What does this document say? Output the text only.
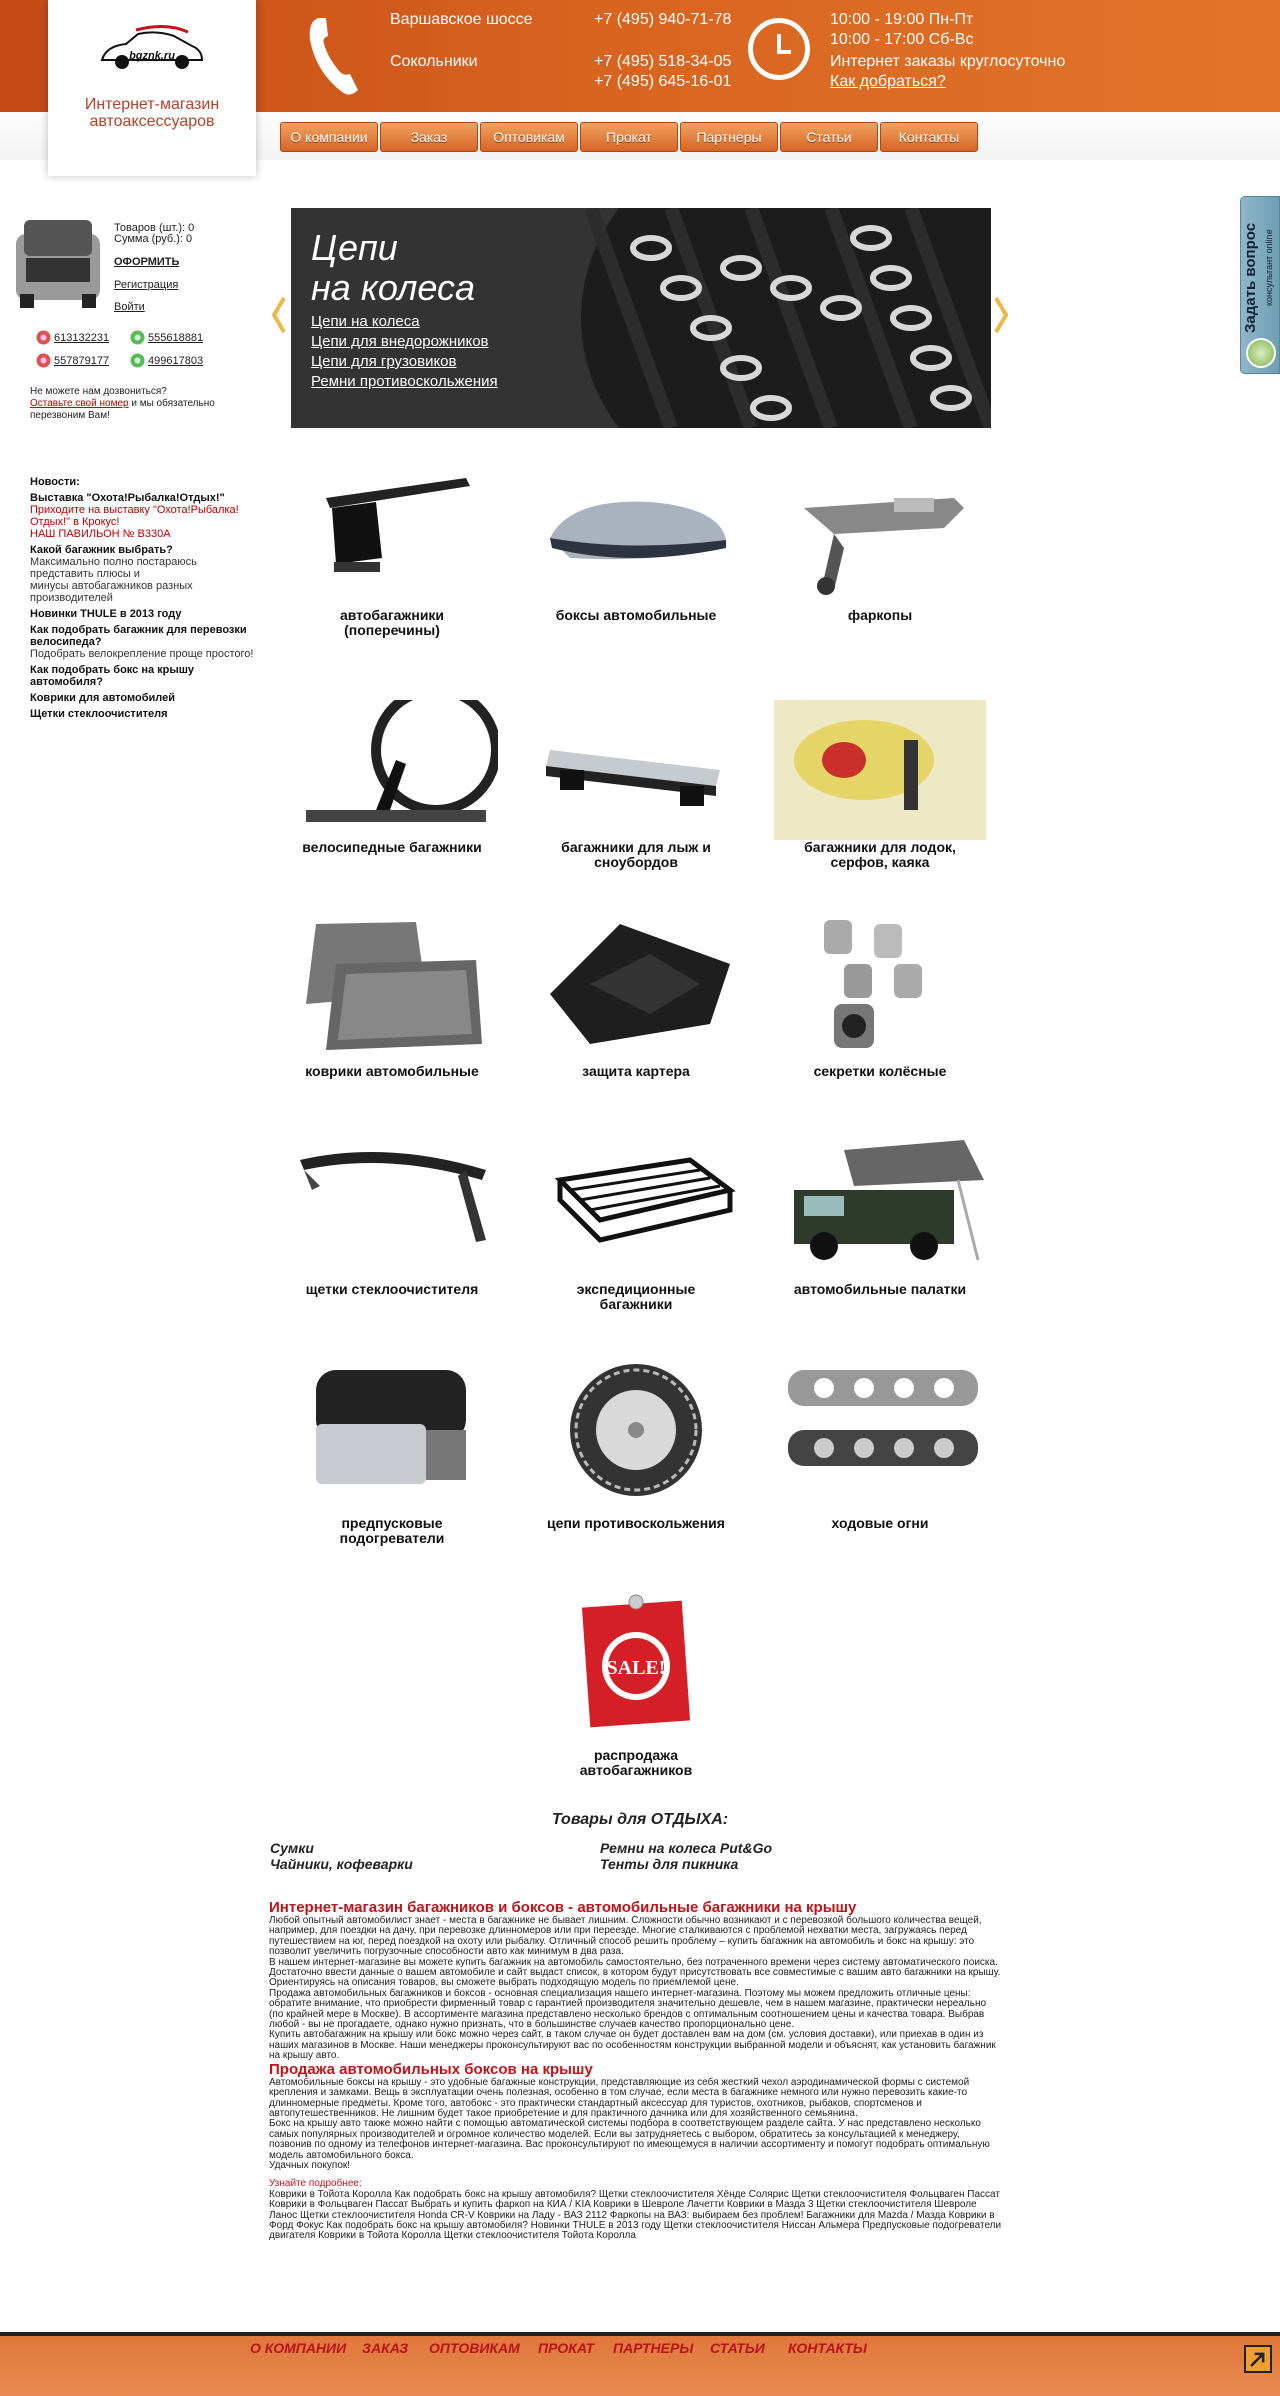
bgznk.ru
Интернет-магазин
автоаксессуаров
Варшавское шоссе
Сокольники
+7 (495) 940-71-78
+7 (495) 518-34-05
+7 (495) 645-16-01
10:00 - 19:00 Пн-Пт
10:00 - 17:00 Сб-Вс
Интернет заказы круглосуточно
Как добраться?
О компании	Заказ	Оптовикам	Прокат	Партнеры	Статьи	Контакты
Задать вопрос консультант online
Товаров (шт.): 0
Сумма (руб.): 0
ОФОРМИТЬ
Регистрация
Войти
613132231	555618881
557879177	499617803
Не можете нам дозвониться?
Оставьте свой номер и мы обязательно
перезвоним Вам!

Новости:

Выставка "Охота!Рыбалка!Отдых!"
Приходите на выставку "Охота!Рыбалка!
Отдых!" в Крокус!

НАШ ПАВИЛЬОН № B330А

Какой багажник выбрать?
Максимально полно постараюсь
представить плюсы и
минусы автобагажников разных

производителей

Новинки THULE в 2013 году

Как подобрать багажник для перевозки
велосипеда?

Подобрать велокрепление проще простого!

Как подобрать бокс на крышу

автомобиля?

Коврики для автомобилей

Щетки стеклоочистителя

Цепи
на колеса
Цепи на колеса
Цепи для внедорожников
Цепи для грузовиков
Ремни противоскольжения
автобагажники
(поперечины)
боксы автомобильные	фаркопы
велосипедные багажники	багажники для лыж и
сноубордов
багажники для лодок,
серфов, каяка
коврики автомобильные	защита картера	секретки колёсные
щетки стеклоочистителя	экспедиционные
багажники
автомобильные палатки
предпусковые
подогреватели
цепи противоскольжения	ходовые огни
SALE!
распродажа
автобагажников
Товары для ОТДЫХА:
Сумки
Чайники, кофеварки
Ремни на колеса Put&Go
Тенты для пикника
Интернет-магазин багажников и боксов - автомобильные багажники на крышу

Любой опытный автомобилист знает - места в багажнике не бывает лишним. Сложности обычно возникают и с перевозкой большого количества вещей, например, для поездки на дачу, при перевозке длинномеров или при переезде. Многие сталкиваются с проблемой нехватки места, загружаясь перед путешествием на юг, перед поездкой на охоту или рыбалку. Отличный способ решить проблему – купить багажник на автомобиль и бокс на крышу: это позволит увеличить погрузочные способности авто как минимум в два раза.

В нашем интернет-магазине вы можете купить багажник на автомобиль самостоятельно, без потраченного времени через систему автоматического поиска. Достаточно ввести данные о вашем автомобиле и сайт выдаст список, в котором будут присутствовать все совместимые с вашим авто багажники на крышу. Ориентируясь на описания товаров, вы сможете выбрать подходящую модель по приемлемой цене.

Продажа автомобильных багажников и боксов - основная специализация нашего интернет-магазина. Поэтому мы можем предложить отличные цены: обратите внимание, что приобрести фирменный товар с гарантией производителя значительно дешевле, чем в нашем магазине, практически нереально (по крайней мере в Москве). В ассортименте магазина представлено несколько брендов с оптимальным соотношением цены и качества товара. Выбрав любой - вы не прогадаете, однако нужно признать, что в большинстве случаев качество пропорционально цене.

Купить автобагажник на крышу или бокс можно через сайт, в таком случае он будет доставлен вам на дом (см. условия доставки), или приехав в один из наших магазинов в Москве. Наши менеджеры проконсультируют вас по особенностям конструкции выбранной модели и объяснят, как установить багажник на крышу авто.

Продажа автомобильных боксов на крышу

Автомобильные боксы на крышу - это удобные багажные конструкции, представляющие из себя жесткий чехол аэродинамической формы с системой крепления и замками. Вещь в эксплуатации очень полезная, особенно в том случае, если места в багажнике немного или нужно перевозить какие-то длинномерные предметы. Кроме того, автобокс - это практически стандартный аксессуар для туристов, охотников, рыбаков, спортсменов и автопутешественников. Не лишним будет такое приобретение и для практичного дачника или для хозяйственного семьянина.

Бокс на крышу авто также можно найти с помощью автоматической системы подбора в соответствующем разделе сайта. У нас представлено несколько самых популярных производителей и огромное количество моделей. Если вы затрудняетесь с выбором, обратитесь за консультацией к менеджеру, позвонив по одному из телефонов интернет-магазина. Вас проконсультируют по имеющемуся в наличии ассортименту и помогут подобрать оптимальную модель автомобильного бокса.

Удачных покупок!

Узнайте подробнее:

Коврики в Тойота Королла Как подобрать бокс на крышу автомобиля? Щетки стеклоочистителя Хёнде Солярис Щетки стеклоочистителя Фольцваген Пассат Коврики в Фольцваген Пассат Выбрать и купить фаркоп на КИА / KIA Коврики в Шевроле Лачетти Коврики в Мазда 3 Щетки стеклоочистителя Шевроле Ланос Щетки стеклоочистителя Honda CR-V Коврики на Ладу - ВАЗ 2112 Фаркопы на ВАЗ: выбираем без проблем! Багажники для Mazda / Мазда Коврики в Форд Фокус Как подобрать бокс на крышу автомобиля? Новинки THULE в 2013 году Щетки стеклоочистителя Ниссан Альмера Предпусковые подогреватели двигателя Коврики в Тойота Королла Щетки стеклоочистителя Тойота Королла

О КОМПАНИИ ЗАКАЗ ОПТОВИКАМ ПРОКАТ ПАРТНЕРЫ СТАТЬИ КОНТАКТЫ
